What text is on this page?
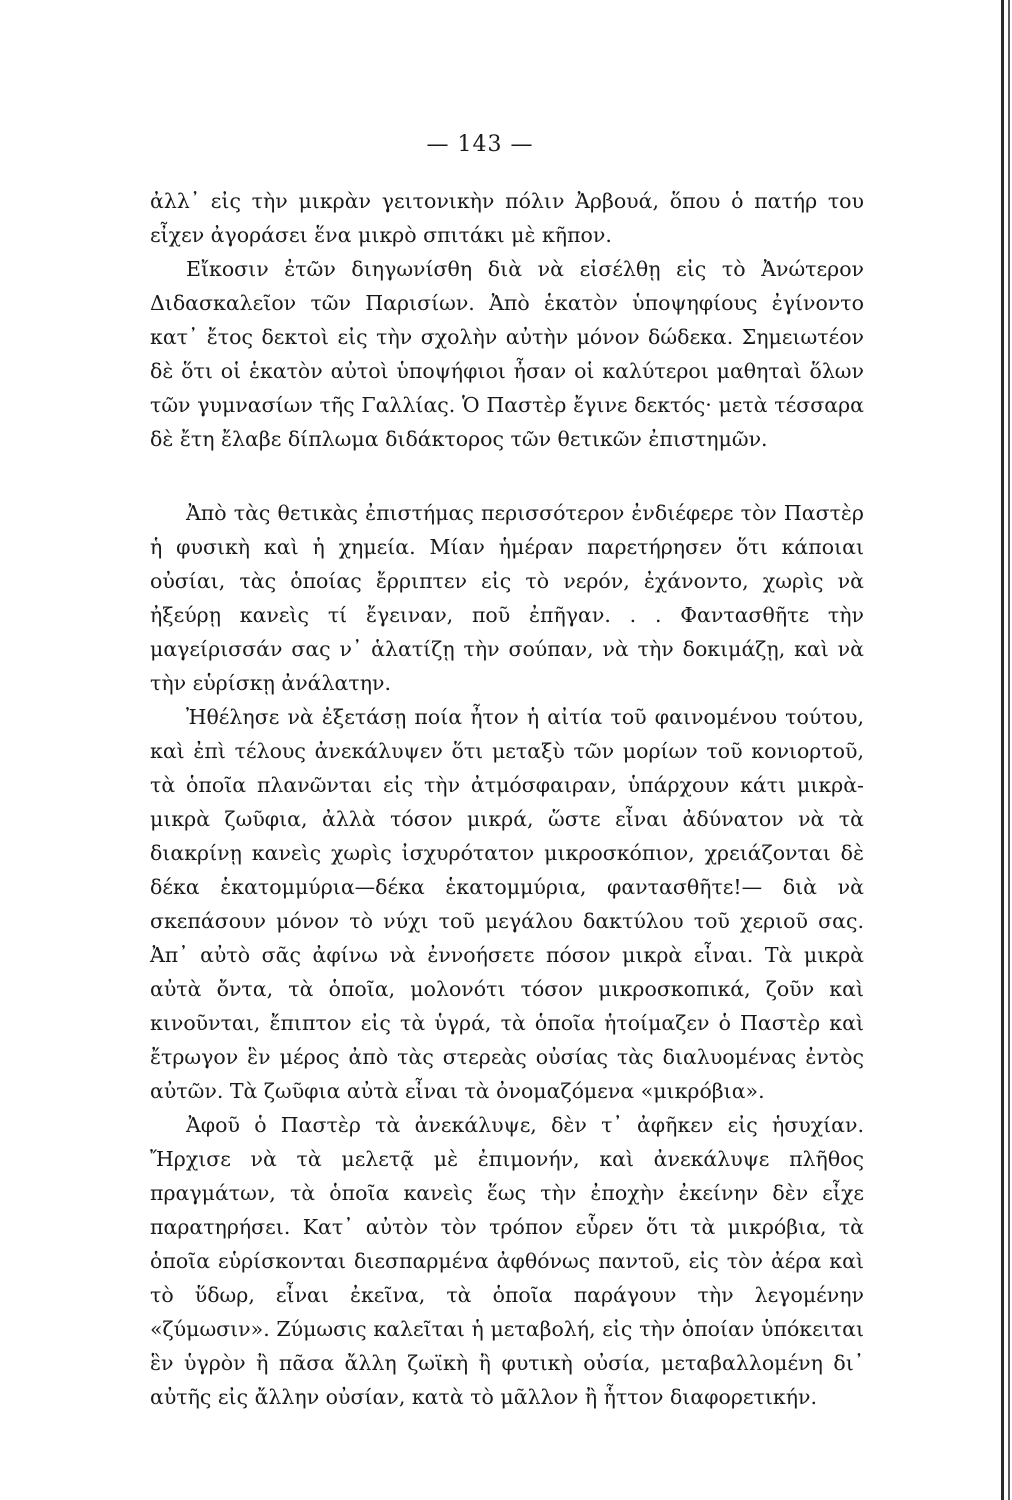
— 143 —

ἀλλ᾽ εἰς τὴν μικρὰν γειτονικὴν πόλιν Ἀρβουά, ὅπου ὁ πατήρ του εἶχεν ἀγοράσει ἕνα μικρὸ σπιτάκι μὲ κῆπον.

Εἴκοσιν ἐτῶν διηγωνίσθη διὰ νὰ εἰσέλθῃ εἰς τὸ Ἀνώτερον Διδασκαλεῖον τῶν Παρισίων. Ἀπὸ ἑκατὸν ὑποψηφίους ἐγίνοντο κατ᾽ ἔτος δεκτοὶ εἰς τὴν σχολὴν αὐτὴν μόνον δώδεκα. Σημειωτέον δὲ ὅτι οἱ ἑκατὸν αὐτοὶ ὑποψήφιοι ἦσαν οἱ καλύτεροι μαθηταὶ ὅλων τῶν γυμνασίων τῆς Γαλλίας. Ὁ Παστὲρ ἔγινε δεκτός· μετὰ τέσσαρα δὲ ἔτη ἔλαβε δίπλωμα διδάκτορος τῶν θετικῶν ἐπιστημῶν.

Ἀπὸ τὰς θετικὰς ἐπιστήμας περισσότερον ἐνδιέφερε τὸν Παστὲρ ἡ φυσικὴ καὶ ἡ χημεία. Μίαν ἡμέραν παρετήρησεν ὅτι κάποιαι οὐσίαι, τὰς ὁποίας ἔρριπτεν εἰς τὸ νερόν, ἐχάνοντο, χωρὶς νὰ ἠξεύρῃ κανεὶς τί ἔγειναν, ποῦ ἐπῆγαν. . . Φαντασθῆτε τὴν μαγείρισσάν σας ν᾽ ἁλατίζῃ τὴν σούπαν, νὰ τὴν δοκιμάζῃ, καὶ νὰ τὴν εὑρίσκῃ ἀνάλατην.

Ἠθέλησε νὰ ἐξετάσῃ ποία ἦτον ἡ αἰτία τοῦ φαινομένου τούτου, καὶ ἐπὶ τέλους ἀνεκάλυψεν ὅτι μεταξὺ τῶν μορίων τοῦ κονιορτοῦ, τὰ ὁποῖα πλανῶνται εἰς τὴν ἀτμόσφαιραν, ὑπάρχουν κάτι μικρὰ-μικρὰ ζωῦφια, ἀλλὰ τόσον μικρά, ὥστε εἶναι ἀδύνατον νὰ τὰ διακρίνῃ κανεὶς χωρὶς ἰσχυρότατον μικροσκόπιον, χρειάζονται δὲ δέκα ἑκατομμύρια—δέκα ἑκατομμύρια, φαντασθῆτε!— διὰ νὰ σκεπάσουν μόνον τὸ νύχι τοῦ μεγάλου δακτύλου τοῦ χεριοῦ σας. Ἀπ᾽ αὐτὸ σᾶς ἀφίνω νὰ ἐννοήσετε πόσον μικρὰ εἶναι. Τὰ μικρὰ αὐτὰ ὄντα, τὰ ὁποῖα, μολονότι τόσον μικροσκοπικά, ζοῦν καὶ κινοῦνται, ἔπιπτον εἰς τὰ ὑγρά, τὰ ὁποῖα ἡτοίμαζεν ὁ Παστὲρ καὶ ἔτρωγον ἓν μέρος ἀπὸ τὰς στερεὰς οὐσίας τὰς διαλυομένας ἐντὸς αὐτῶν. Τὰ ζωῦφια αὐτὰ εἶναι τὰ ὀνομαζόμενα «μικρόβια».

Ἀφοῦ ὁ Παστὲρ τὰ ἀνεκάλυψε, δὲν τ᾽ ἀφῆκεν εἰς ἡσυχίαν. Ἤρχισε νὰ τὰ μελετᾷ μὲ ἐπιμονήν, καὶ ἀνεκάλυψε πλῆθος πραγμάτων, τὰ ὁποῖα κανεὶς ἕως τὴν ἐποχὴν ἐκείνην δὲν εἶχε παρατηρήσει. Κατ᾽ αὐτὸν τὸν τρόπον εὗρεν ὅτι τὰ μικρόβια, τὰ ὁποῖα εὑρίσκονται διεσπαρμένα ἀφθόνως παντοῦ, εἰς τὸν ἀέρα καὶ τὸ ὕδωρ, εἶναι ἐκεῖνα, τὰ ὁποῖα παράγουν τὴν λεγομένην «ζύμωσιν». Ζύμωσις καλεῖται ἡ μεταβολή, εἰς τὴν ὁποίαν ὑπόκειται ἓν ὑγρὸν ἢ πᾶσα ἄλλη ζωϊκὴ ἢ φυτικὴ οὐσία, μεταβαλλομένη δι᾽ αὐτῆς εἰς ἄλλην οὐσίαν, κατὰ τὸ μᾶλλον ἢ ἧττον διαφορετικήν.
